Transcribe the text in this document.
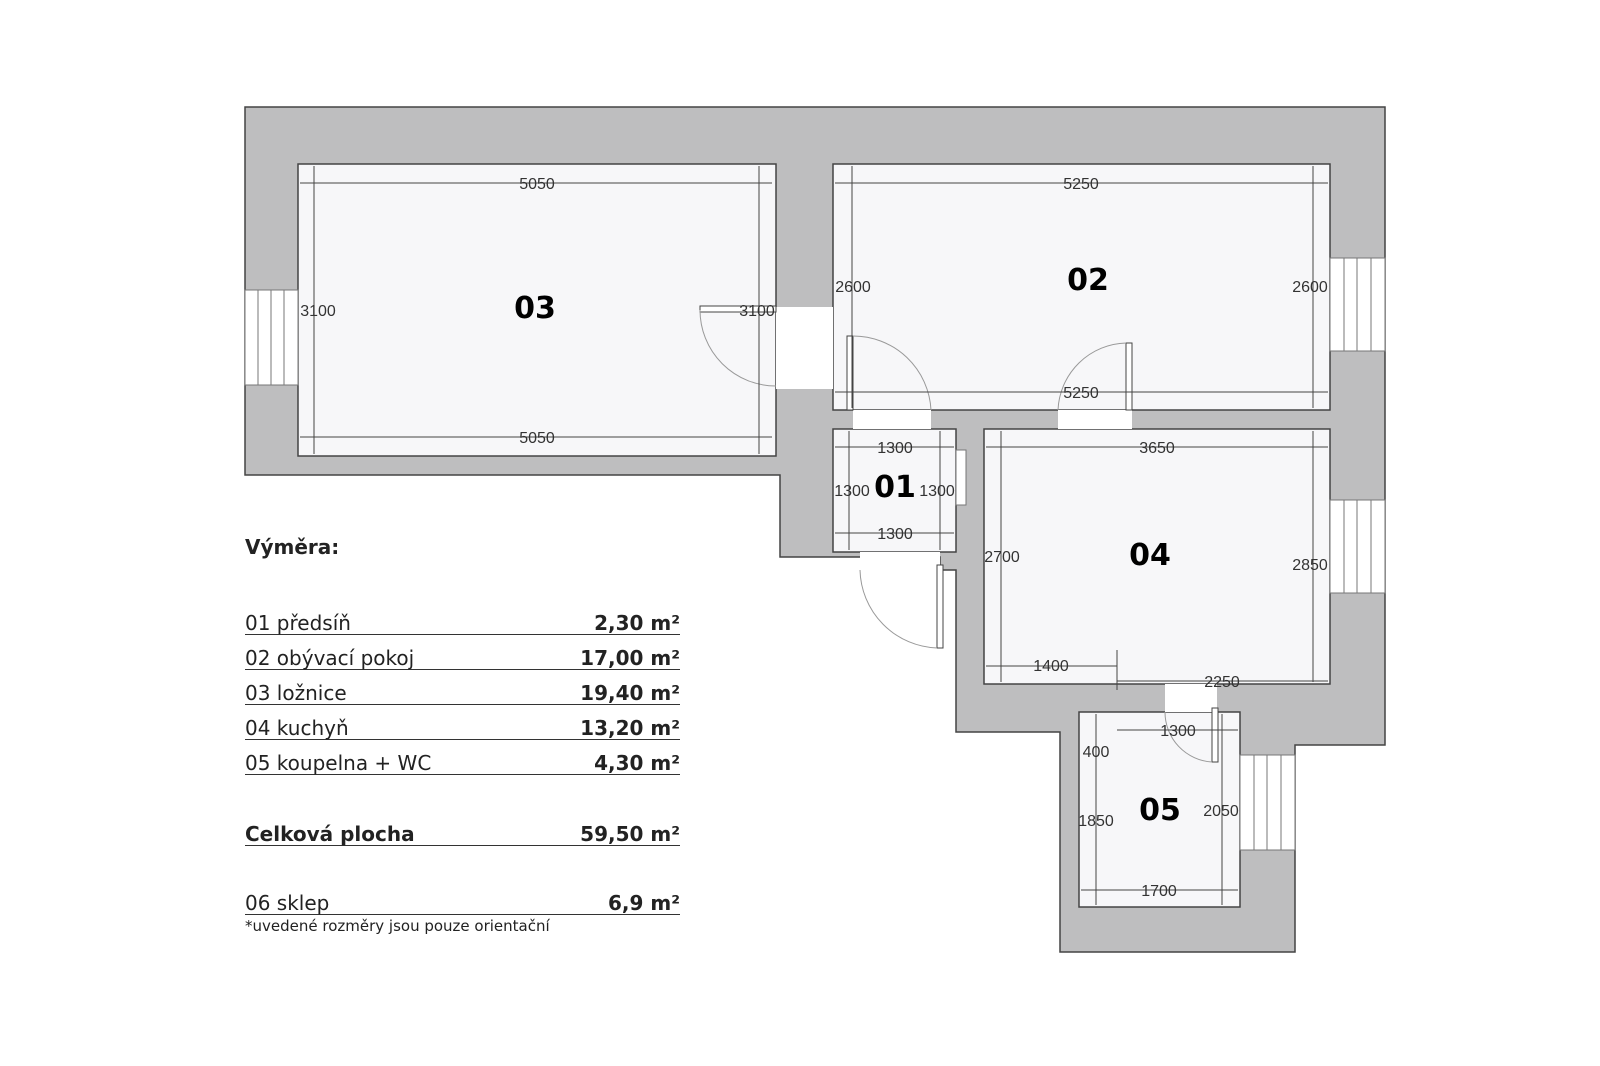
5050
5050
3100	3100
5250
5250
2600	2600
1300
1300
1300	1300
3650
2700	2850
1400
2250
1300
400
1850
2050
1700
03
02
01
04
05
Výměra:
01 předsíň	2,30 m²
02 obývací pokoj	17,00 m²
03 ložnice	19,40 m²
04 kuchyň	13,20 m²
05 koupelna + WC	4,30 m²
Celková plocha	59,50 m²
06 sklep	6,9 m²
*uvedené rozměry jsou pouze orientační
